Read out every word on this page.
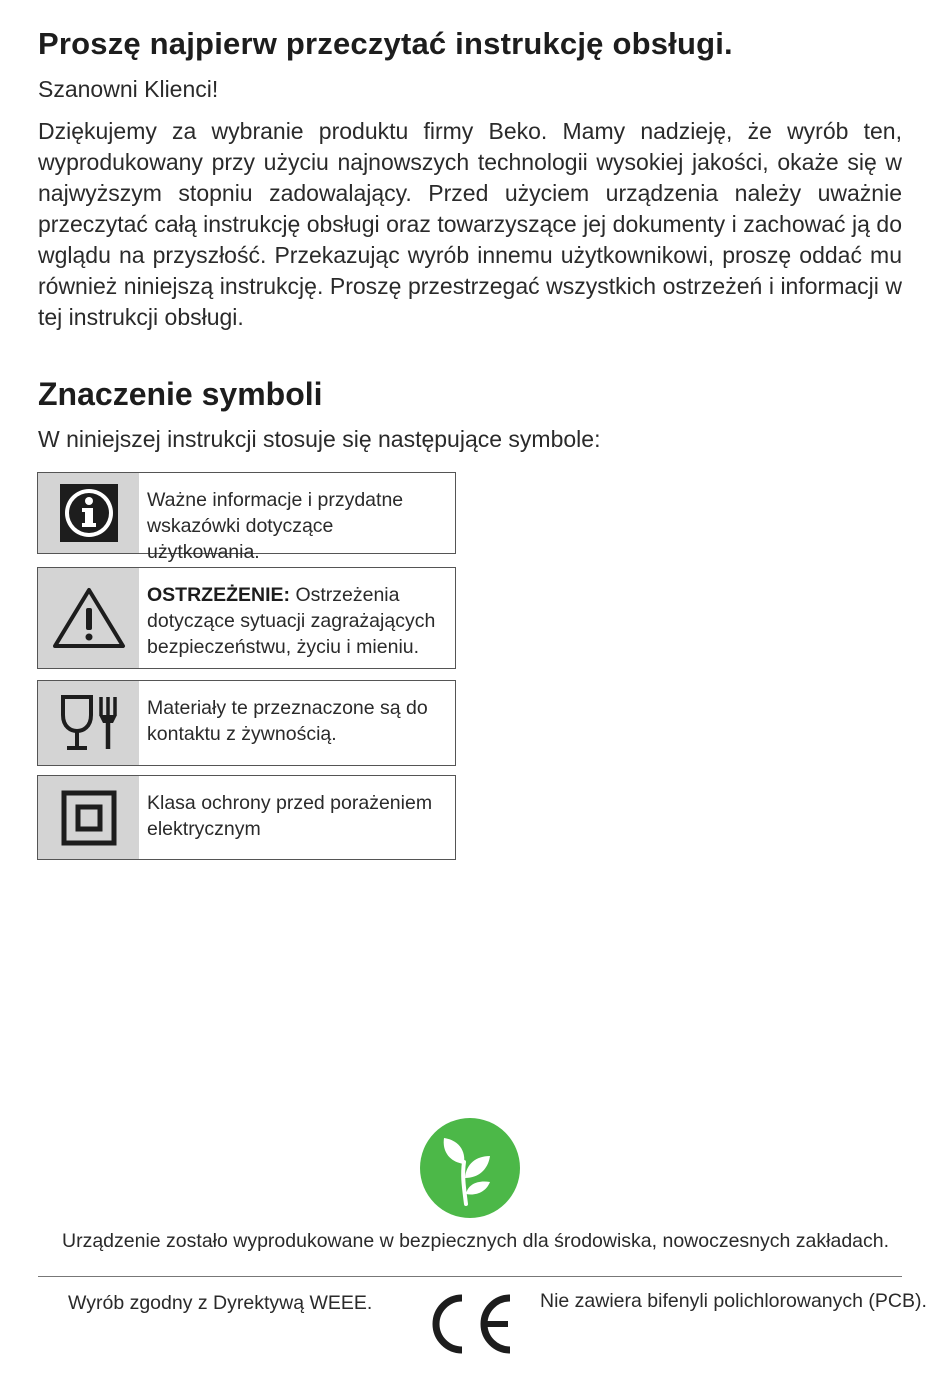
Proszę najpierw przeczytać instrukcję obsługi.

Szanowni Klienci!

Dziękujemy za wybranie produktu firmy Beko. Mamy nadzieję, że wyrób ten, wyprodukowany przy użyciu najnowszych technologii wysokiej jakości, okaże się w najwyższym stopniu zadowalający. Przed użyciem urządzenia należy uważnie przeczytać całą instrukcję obsługi oraz towarzyszące jej dokumenty i zachować ją do wglądu na przyszłość. Przekazując wyrób innemu użytkownikowi, proszę oddać mu również niniejszą instrukcję. Proszę przestrzegać wszystkich ostrzeżeń i informacji w tej instrukcji obsługi.

Znaczenie symboli

W niniejszej instrukcji stosuje się następujące symbole:

Ważne informacje i przydatne wskazówki dotyczące użytkowania.
OSTRZEŻENIE: Ostrzeżenia dotyczące sytuacji zagrażających bezpieczeństwu, życiu i mieniu.
Materiały te przeznaczone są do kontaktu z żywnością.
Klasa ochrony przed porażeniem elektrycznym

Urządzenie zostało wyprodukowane w bezpiecznych dla środowiska, nowoczesnych zakładach.

Wyrób zgodny z Dyrektywą WEEE.	Nie zawiera bifenyli polichlorowanych (PCB).
